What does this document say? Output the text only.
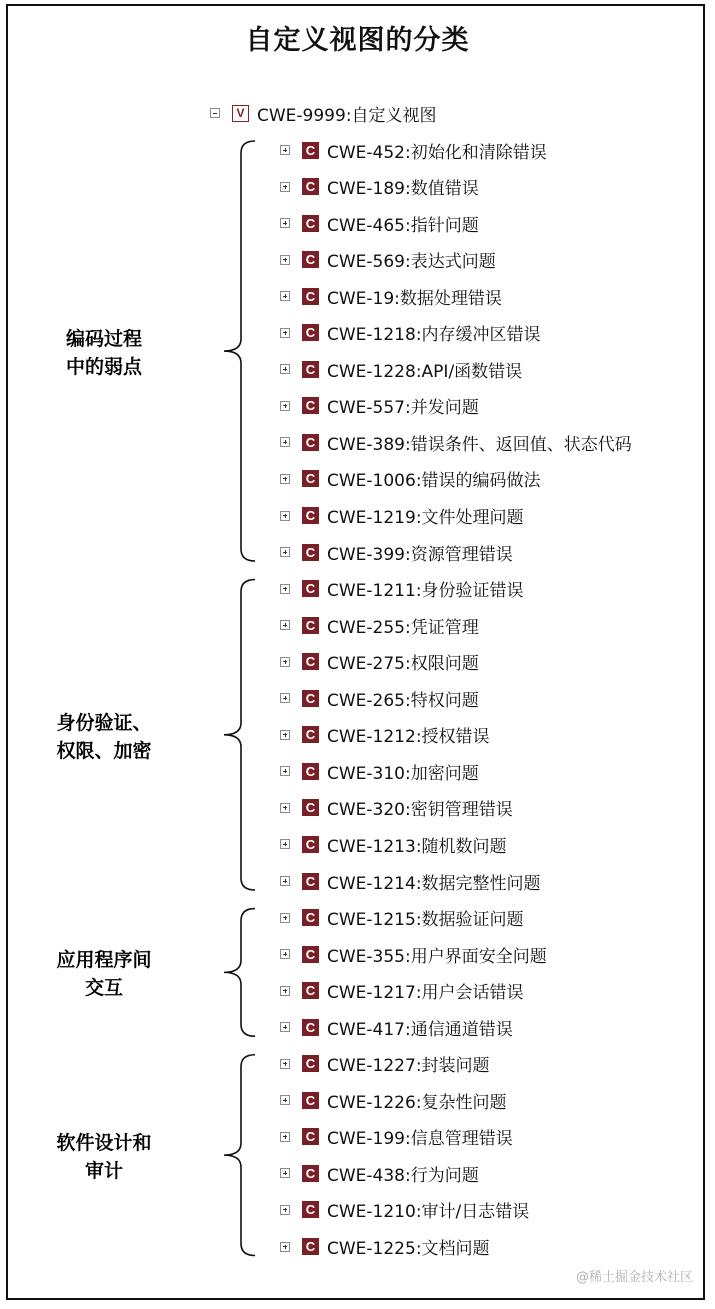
自定义视图的分类
V CWE-9999:自定义视图
C CWE-452:初始化和清除错误
C CWE-189:数值错误
C CWE-465:指针问题
C CWE-569:表达式问题
C CWE-19:数据处理错误
C CWE-1218:内存缓冲区错误
C CWE-1228:API/函数错误
C CWE-557:并发问题
C CWE-389:错误条件、返回值、状态代码
C CWE-1006:错误的编码做法
C CWE-1219:文件处理问题
C CWE-399:资源管理错误
C CWE-1211:身份验证错误
C CWE-255:凭证管理
C CWE-275:权限问题
C CWE-265:特权问题
C CWE-1212:授权错误
C CWE-310:加密问题
C CWE-320:密钥管理错误
C CWE-1213:随机数问题
C CWE-1214:数据完整性问题
C CWE-1215:数据验证问题
C CWE-355:用户界面安全问题
C CWE-1217:用户会话错误
C CWE-417:通信通道错误
C CWE-1227:封装问题
C CWE-1226:复杂性问题
C CWE-199:信息管理错误
C CWE-438:行为问题
C CWE-1210:审计/日志错误
C CWE-1225:文档问题
@稀土掘金技术社区
编码过程
中的弱点
身份验证、
权限、加密
应用程序间
交互
软件设计和
审计
